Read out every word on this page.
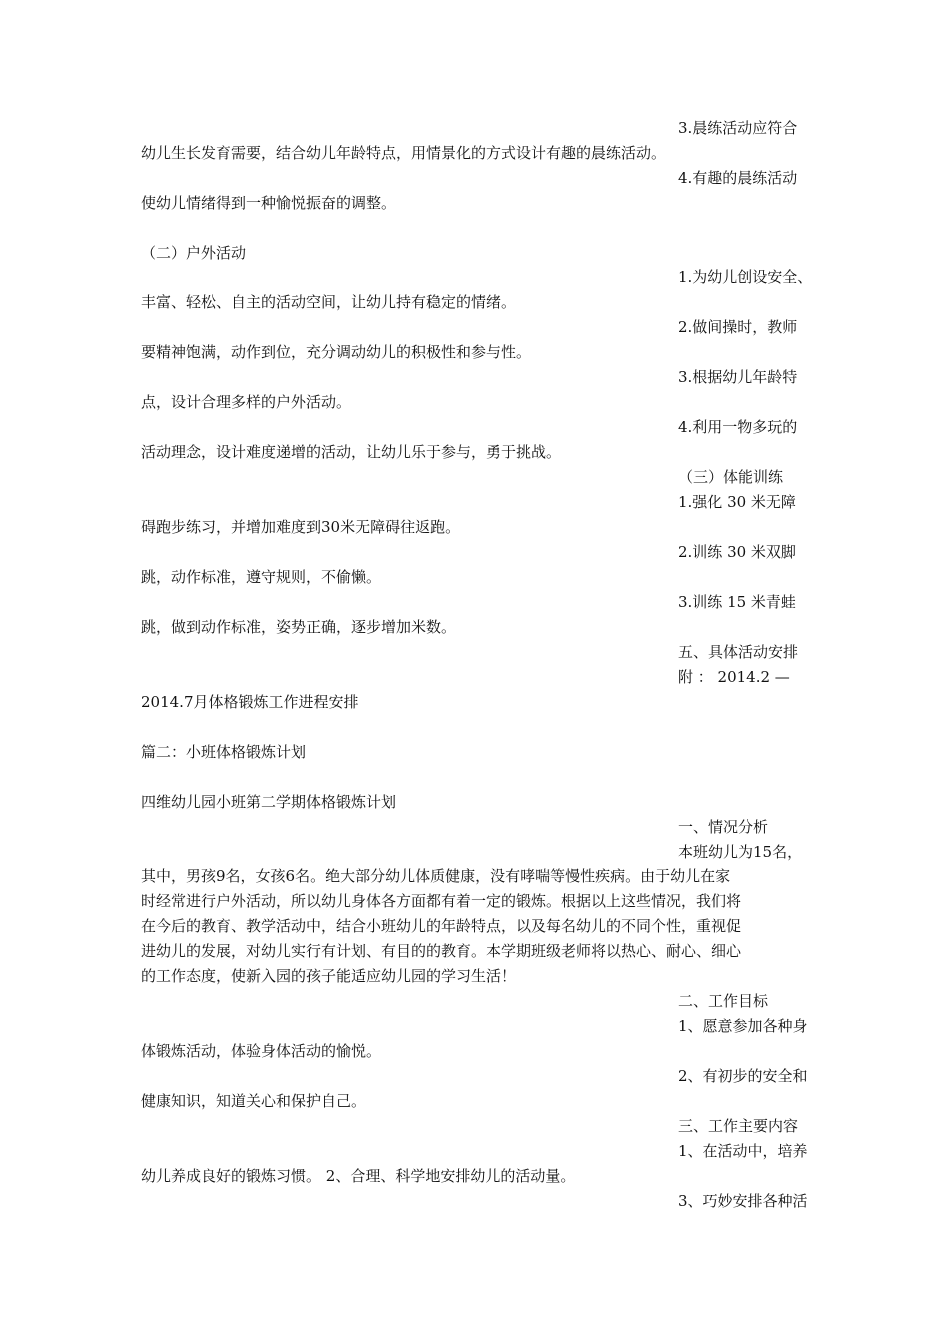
3.晨练活动应符合
幼儿生长发育需要，结合幼儿年龄特点，用情景化的方式设计有趣的晨练活动。
4.有趣的晨练活动
使幼儿情绪得到一种愉悦振奋的调整。
（二）户外活动
1.为幼儿创设安全、
丰富、轻松、自主的活动空间，让幼儿持有稳定的情绪。
2.做间操时，教师
要精神饱满，动作到位，充分调动幼儿的积极性和参与性。
3.根据幼儿年龄特
点，设计合理多样的户外活动。
4.利用一物多玩的
活动理念，设计难度递增的活动，让幼儿乐于参与，勇于挑战。
（三）体能训练
1.强化 30 米无障
碍跑步练习，并增加难度到30米无障碍往返跑。
2.训练 30 米双脚
跳，动作标准，遵守规则，不偷懒。
3.训练 15 米青蛙
跳，做到动作标准，姿势正确，逐步增加米数。
五、具体活动安排
附 ： 2014.2 —
2014.7月体格锻炼工作进程安排
篇二：小班体格锻炼计划
四维幼儿园小班第二学期体格锻炼计划
一、情况分析
本班幼儿为15名，
其中，男孩9名，女孩6名。绝大部分幼儿体质健康，没有哮喘等慢性疾病。由于幼儿在家
时经常进行户外活动，所以幼儿身体各方面都有着一定的锻炼。根据以上这些情况，我们将
在今后的教育、教学活动中，结合小班幼儿的年龄特点，以及每名幼儿的不同个性，重视促
进幼儿的发展，对幼儿实行有计划、有目的的教育。本学期班级老师将以热心、耐心、细心
的工作态度，使新入园的孩子能适应幼儿园的学习生活！
二、工作目标
1、愿意参加各种身
体锻炼活动，体验身体活动的愉悦。
2、有初步的安全和
健康知识，知道关心和保护自己。
三、工作主要内容
1、在活动中，培养
幼儿养成良好的锻炼习惯。 2、合理、科学地安排幼儿的活动量。
3、巧妙安排各种活
